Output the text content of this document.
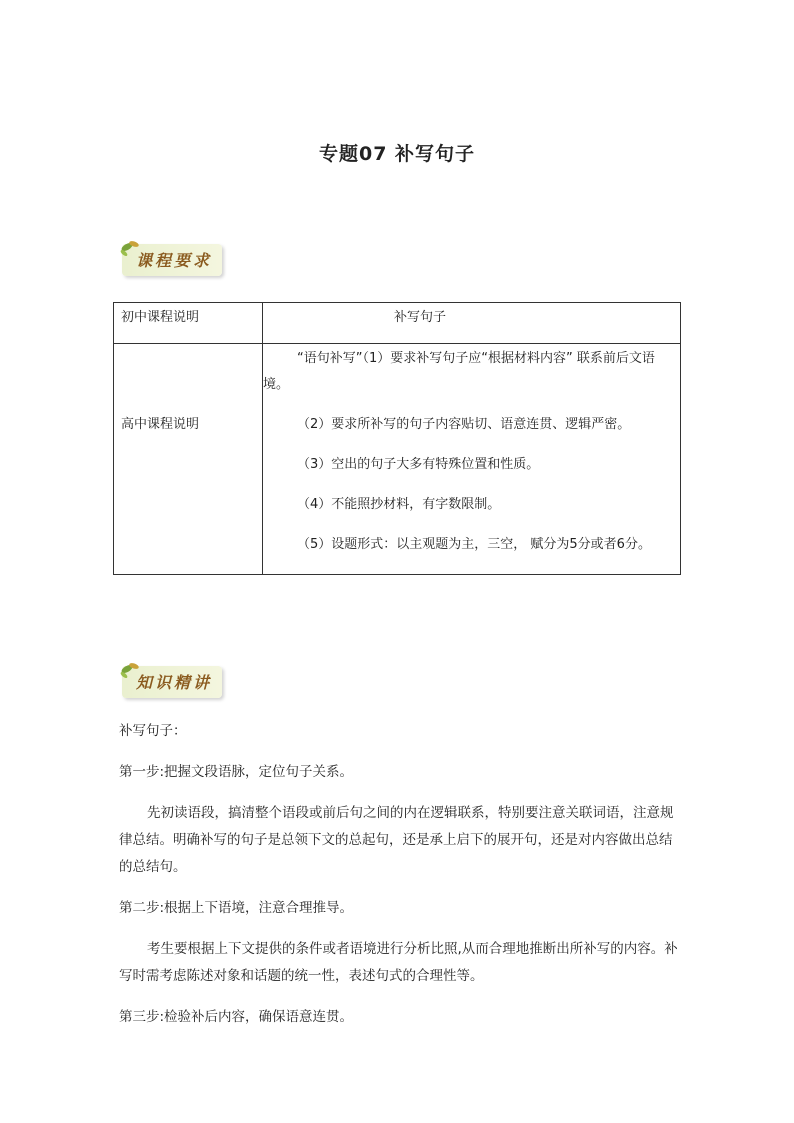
专题07 补写句子
课程要求
初中课程说明	补写句子

高中课程说明	“语句补写”（1）要求补写句子应“根据材料内容” 联系前后文语境。

（2）要求所补写的句子内容贴切、语意连贯、逻辑严密。

（3）空出的句子大多有特殊位置和性质。

（4）不能照抄材料，有字数限制。

（5）设题形式：以主观题为主，三空， 赋分为5分或者6分。

知识精讲

补写句子：

第一步:把握文段语脉，定位句子关系。

先初读语段，搞清整个语段或前后句之间的内在逻辑联系，特别要注意关联词语，注意规律总结。明确补写的句子是总领下文的总起句，还是承上启下的展开句，还是对内容做出总结的总结句。

第二步:根据上下语境，注意合理推导。

考生要根据上下文提供的条件或者语境进行分析比照,从而合理地推断出所补写的内容。补写时需考虑陈述对象和话题的统一性，表述句式的合理性等。

第三步:检验补后内容，确保语意连贯。
